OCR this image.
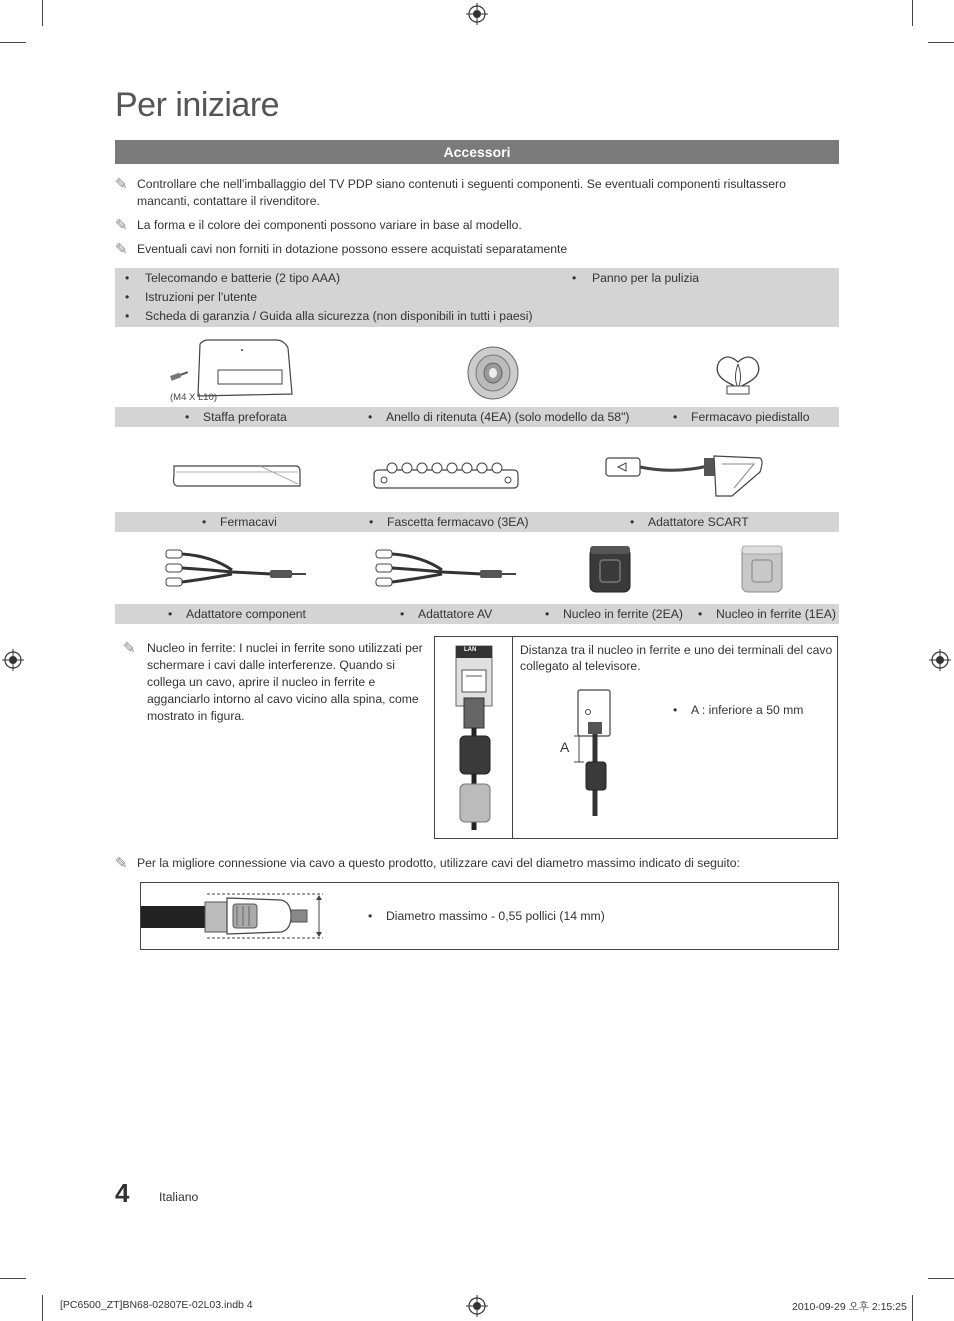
Per iniziare
Accessori
✎ Controllare che nell'imballaggio del TV PDP siano contenuti i seguenti componenti. Se eventuali componenti risultassero mancanti, contattare il rivenditore.
✎ La forma e il colore dei componenti possono variare in base al modello.
✎ Eventuali cavi non forniti in dotazione possono essere acquistati separatamente
• Telecomando e batterie (2 tipo AAA)
• Istruzioni per l'utente
• Scheda di garanzia / Guida alla sicurezza (non disponibili in tutti i paesi)
• Panno per la pulizia
(M4 X L10)
• Staffa preforata	• Anello di ritenuta (4EA) (solo modello da 58")	• Fermacavo piedistallo
• Fermacavi	• Fascetta fermacavo (3EA)	• Adattatore SCART
• Adattatore component	• Adattatore AV	• Nucleo in ferrite (2EA)	• Nucleo in ferrite (1EA)
✎ Nucleo in ferrite: I nuclei in ferrite sono utilizzati per schermare i cavi dalle interferenze. Quando si collega un cavo, aprire il nucleo in ferrite e agganciarlo intorno al cavo vicino alla spina, come mostrato in figura.
LAN	Distanza tra il nucleo in ferrite e uno dei terminali del cavo collegato al televisore.
A
• A : inferiore a 50 mm
✎ Per la migliore connessione via cavo a questo prodotto, utilizzare cavi del diametro massimo indicato di seguito:
• Diametro massimo - 0,55 pollici (14 mm)
4 Italiano
[PC6500_ZT]BN68-02807E-02L03.indb 4	2010-09-29 오후 2:15:25
